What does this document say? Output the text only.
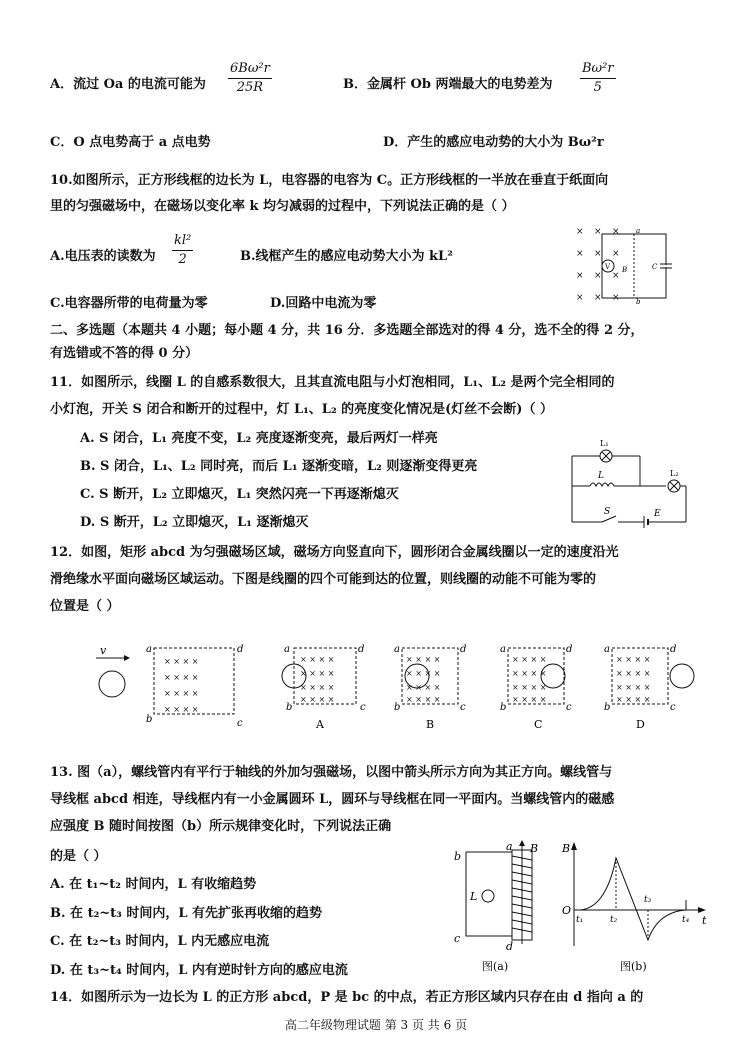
A．流过 Oa 的电流可能为 $\frac{\text{6Bω²r}}{25R}$	B．金属杆 Ob 两端最大的电势差为 $\frac{\text{Bω²r}}{5}$
C．O 点电势高于 a 点电势	D．产生的感应电动势的大小为 Bω²r
10.如图所示，正方形线框的边长为 L，电容器的电容为 C。正方形线框的一半放在垂直于纸面向
里的匀强磁场中，在磁场以变化率 k 均匀减弱的过程中，下列说法正确的是（ ）
A.电压表的读数为 $\frac{\text{kl²}}{2}$	B.线框产生的感应电动势大小为 kL²
C.电容器所带的电荷量为零	D.回路中电流为零
× × ×
× × ×
× × ×
× × ×
V
a
b
B	C
二、多选题（本题共 4 小题；每小题 4 分，共 16 分．多选题全部选对的得 4 分，选不全的得 2 分，
有选错或不答的得 0 分）
11．如图所示，线圈 L 的自感系数很大，且其直流电阻与小灯泡相同，L₁、L₂ 是两个完全相同的
小灯泡，开关 S 闭合和断开的过程中，灯 L₁、L₂ 的亮度变化情况是(灯丝不会断)（ ）
A. S 闭合，L₁ 亮度不变，L₂ 亮度逐渐变亮，最后两灯一样亮
B. S 闭合，L₁、L₂ 同时亮，而后 L₁ 逐渐变暗，L₂ 则逐渐变得更亮
C. S 断开，L₂ 立即熄灭，L₁ 突然闪亮一下再逐渐熄灭
D. S 断开，L₂ 立即熄灭，L₁ 逐渐熄灭
L₁
L	L₂
S	E
12．如图，矩形 abcd 为匀强磁场区域，磁场方向竖直向下，圆形闭合金属线圈以一定的速度沿光
滑绝缘水平面向磁场区域运动。下图是线圈的四个可能到达的位置，则线圈的动能不可能为零的
位置是（ ）
v
× × × ×
× × × ×
× × × ×
× × × ×
a	d
b	c
× × × ×
× × × ×
× × × ×
× × × ×
a	d
b	c
A
× × × ×
× × × ×
× × × ×
× × × ×
a	d
b	c
B
× × × ×
× × × ×
× × × ×
× × × ×
a	d
b	c
C
× × × ×
× × × ×
× × × ×
× × × ×
a	d
b	c
D
13. 图（a），螺线管内有平行于轴线的外加匀强磁场，以图中箭头所示方向为其正方向。螺线管与
导线框 abcd 相连，导线框内有一小金属圆环 L，圆环与导线框在同一平面内。当螺线管内的磁感
应强度 B 随时间按图（b）所示规律变化时，下列说法正确
的是（ ）
A. 在 t₁~t₂ 时间内，L 有收缩趋势
B. 在 t₂~t₃ 时间内，L 有先扩张再收缩的趋势
C. 在 t₂~t₃ 时间内，L 内无感应电流
D. 在 t₃~t₄ 时间内，L 内有逆时针方向的感应电流
b
c
a
d
L
B
图(a)
B
O
t
t₁	t₂
t₃
t₄
图(b)
14．如图所示为一边长为 L 的正方形 abcd，P 是 bc 的中点，若正方形区域内只存在由 d 指向 a 的
高二年级物理试题 第 3 页 共 6 页
